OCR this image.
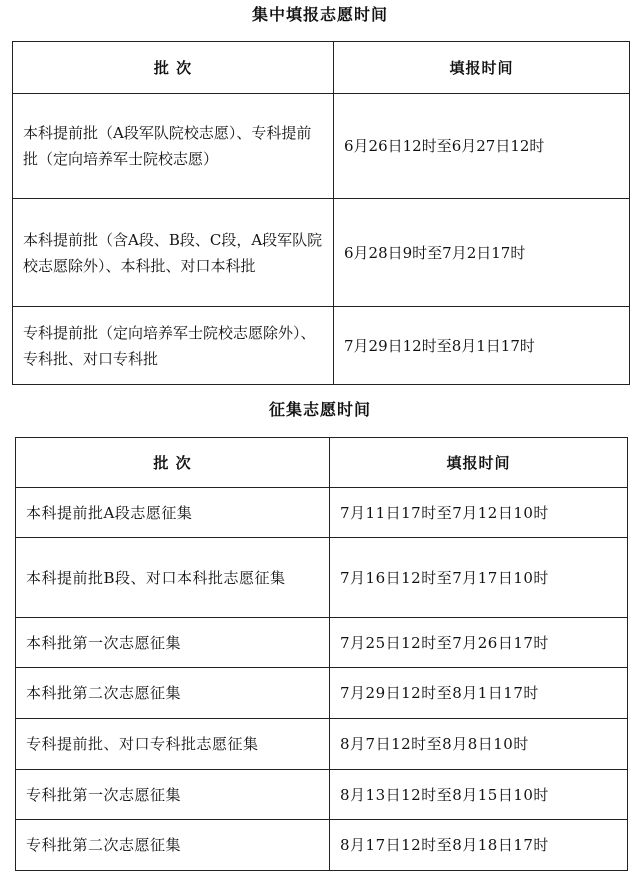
集中填报志愿时间
批 次	填报时间
本科提前批（A段军队院校志愿）、专科提前批（定向培养军士院校志愿）	6月26日12时至6月27日12时
本科提前批（含A段、B段、C段，A段军队院校志愿除外）、本科批、对口本科批	6月28日9时至7月2日17时
专科提前批（定向培养军士院校志愿除外）、专科批、对口专科批	7月29日12时至8月1日17时
征集志愿时间
批 次	填报时间
本科提前批A段志愿征集	7月11日17时至7月12日10时
本科提前批B段、对口本科批志愿征集	7月16日12时至7月17日10时
本科批第一次志愿征集	7月25日12时至7月26日17时
本科批第二次志愿征集	7月29日12时至8月1日17时
专科提前批、对口专科批志愿征集	8月7日12时至8月8日10时
专科批第一次志愿征集	8月13日12时至8月15日10时
专科批第二次志愿征集	8月17日12时至8月18日17时
